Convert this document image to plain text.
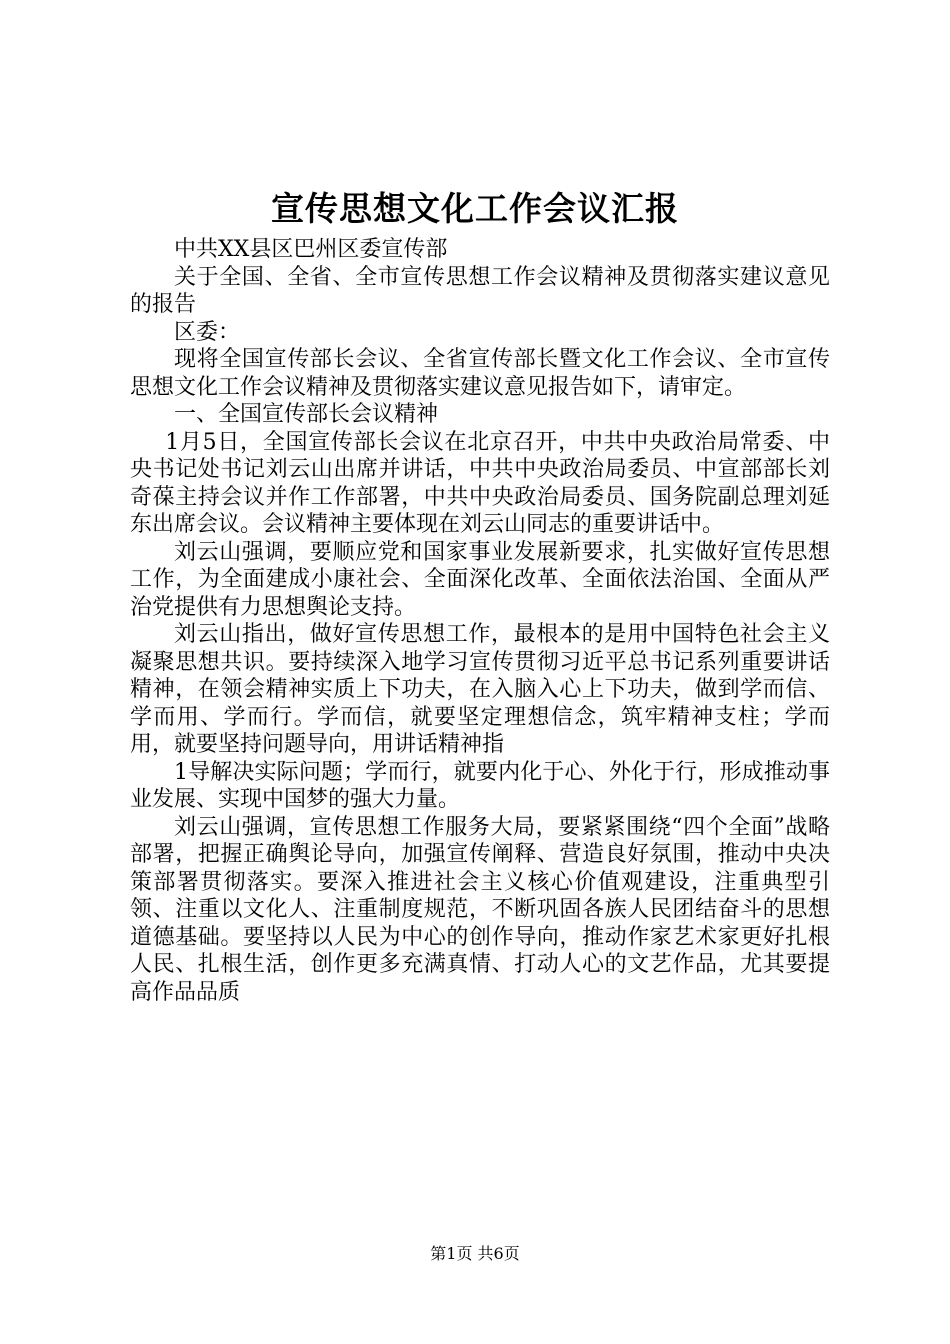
宣传思想文化工作会议汇报

中共XX县区巴州区委宣传部

关于全国、全省、全市宣传思想工作会议精神及贯彻落实建议意见的报告

区委：

现将全国宣传部长会议、全省宣传部长暨文化工作会议、全市宣传思想文化工作会议精神及贯彻落实建议意见报告如下，请审定。

一、全国宣传部长会议精神

1月5日，全国宣传部长会议在北京召开，中共中央政治局常委、中央书记处书记刘云山出席并讲话，中共中央政治局委员、中宣部部长刘奇葆主持会议并作工作部署，中共中央政治局委员、国务院副总理刘延东出席会议。会议精神主要体现在刘云山同志的重要讲话中。

刘云山强调，要顺应党和国家事业发展新要求，扎实做好宣传思想工作，为全面建成小康社会、全面深化改革、全面依法治国、全面从严治党提供有力思想舆论支持。

刘云山指出，做好宣传思想工作，最根本的是用中国特色社会主义凝聚思想共识。要持续深入地学习宣传贯彻习近平总书记系列重要讲话精神，在领会精神实质上下功夫，在入脑入心上下功夫，做到学而信、学而用、学而行。学而信，就要坚定理想信念，筑牢精神支柱；学而用，就要坚持问题导向，用讲话精神指

1导解决实际问题；学而行，就要内化于心、外化于行，形成推动事业发展、实现中国梦的强大力量。

刘云山强调，宣传思想工作服务大局，要紧紧围绕“四个全面”战略部署，把握正确舆论导向，加强宣传阐释、营造良好氛围，推动中央决策部署贯彻落实。要深入推进社会主义核心价值观建设，注重典型引领、注重以文化人、注重制度规范，不断巩固各族人民团结奋斗的思想道德基础。要坚持以人民为中心的创作导向，推动作家艺术家更好扎根人民、扎根生活，创作更多充满真情、打动人心的文艺作品，尤其要提高作品品质

第1页 共6页
